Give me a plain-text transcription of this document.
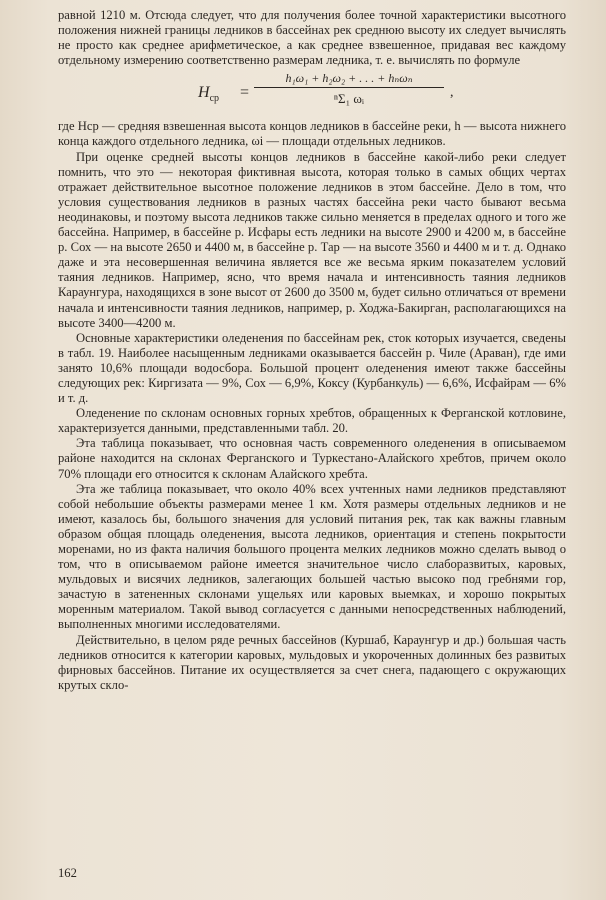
равной 1210 м. Отсюда следует, что для получения более точной характеристики высотного положения нижней границы ледников в бассейнах рек среднюю высоту их следует вычислять не просто как среднее арифметическое, а как среднее взвешенное, придавая вес каждому отдельному измерению соответственно размерам ледника, т. е. вычислять по формуле

$H_{ср}$ =
h₁ω₁ + h₂ω₂ + . . . + hₙωₙ
ⁿΣ₁ ωᵢ	,

где Hср — средняя взвешенная высота концов ледников в бассейне реки, h — высота нижнего конца каждого отдельного ледника, ωi — площади отдельных ледников.

При оценке средней высоты концов ледников в бассейне какой-либо реки следует помнить, что это — некоторая фиктивная высота, которая только в самых общих чертах отражает действительное высотное положение ледников в этом бассейне. Дело в том, что условия существования ледников в разных частях бассейна реки часто бывают весьма неодинаковы, и поэтому высота ледников также сильно меняется в пределах одного и того же бассейна. Например, в бассейне р. Исфары есть ледники на высоте 2900 и 4200 м, в бассейне р. Сох — на высоте 2650 и 4400 м, в бассейне р. Тар — на высоте 3560 и 4400 м и т. д. Однако даже и эта несовершенная величина является все же весьма ярким показателем условий таяния ледников. Например, ясно, что время начала и интенсивность таяния ледников Караунгура, находящихся в зоне высот от 2600 до 3500 м, будет сильно отличаться от времени начала и интенсивности таяния ледников, например, р. Ходжа-Бакирган, располагающихся на высоте 3400—4200 м.

Основные характеристики оледенения по бассейнам рек, сток которых изучается, сведены в табл. 19. Наиболее насыщенным ледниками оказывается бассейн р. Чиле (Араван), где ими занято 10,6% площади водосбора. Большой процент оледенения имеют также бассейны следующих рек: Киргизата — 9%, Сох — 6,9%, Коксу (Курбанкуль) — 6,6%, Исфайрам — 6% и т. д.

Оледенение по склонам основных горных хребтов, обращенных к Ферганской котловине, характеризуется данными, представленными табл. 20.

Эта таблица показывает, что основная часть современного оледенения в описываемом районе находится на склонах Ферганского и Туркестано-Алайского хребтов, причем около 70% площади его относится к склонам Алайского хребта.

Эта же таблица показывает, что около 40% всех учтенных нами ледников представляют собой небольшие объекты размерами менее 1 км. Хотя размеры отдельных ледников и не имеют, казалось бы, большого значения для условий питания рек, так как важны главным образом общая площадь оледенения, высота ледников, ориентация и степень покрытости моренами, но из факта наличия большого процента мелких ледников можно сделать вывод о том, что в описываемом районе имеется значительное число слаборазвитых, каровых, мульдовых и висячих ледников, залегающих большей частью высоко под гребнями гор, зачастую в затененных склонами ущельях или каровых выемках, и хорошо покрытых моренным материалом. Такой вывод согласуется с данными непосредственных наблюдений, выполненных многими исследователями.

Действительно, в целом ряде речных бассейнов (Куршаб, Караунгур и др.) большая часть ледников относится к категории каровых, мульдовых и укороченных долинных без развитых фирновых бассейнов. Питание их осуществляется за счет снега, падающего с окружающих крутых скло-

162
